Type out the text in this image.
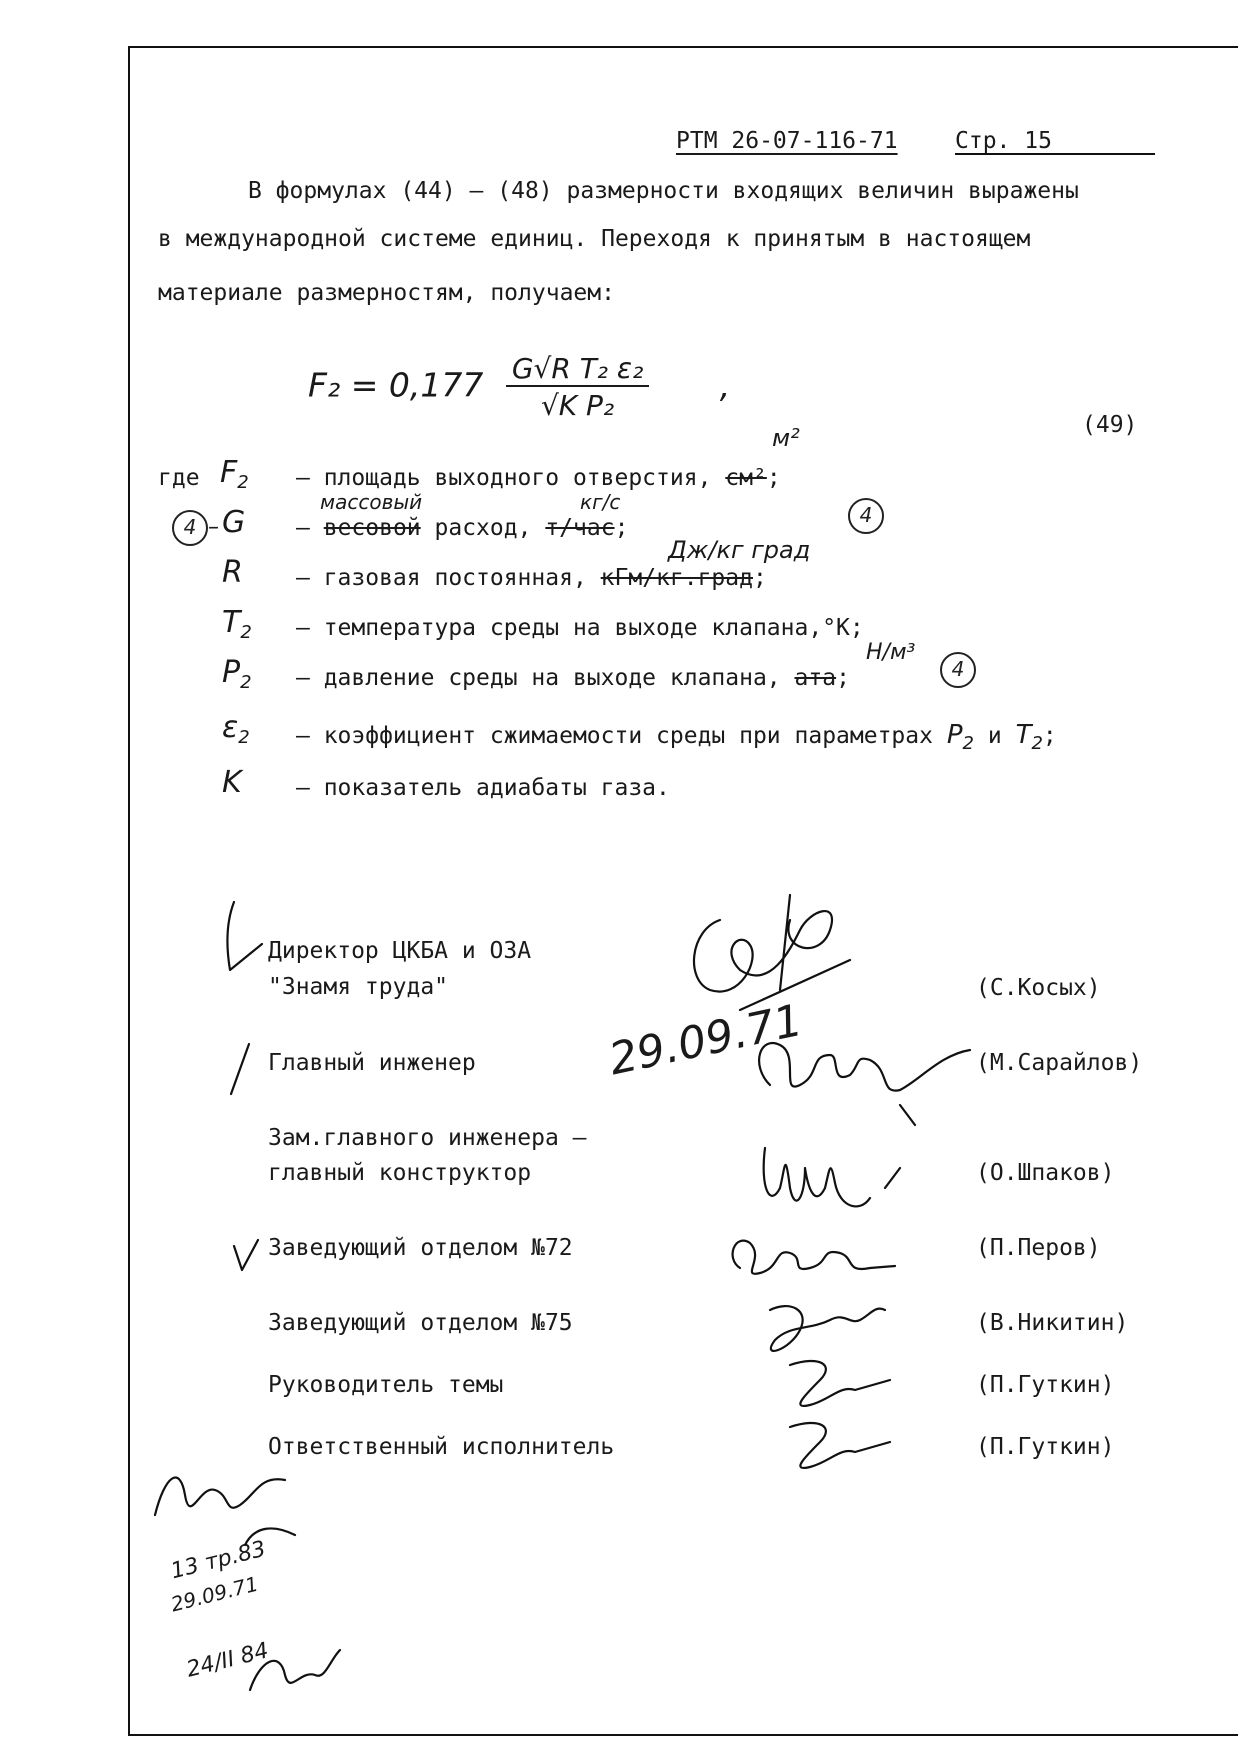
РТМ 26-07-116-71 Стр. 15
В формулах (44) – (48) размерности входящих величин выражены
в международной системе единиц. Переходя к принятым в настоящем
материале размерностям, получаем:
$F_2 = 0,177 \frac{\text{G√R T₂ ε₂}}{\text{√K P₂}}$ ,
(49)
где $F_2$ – площадь выходного отверстия, см²;
м²
4 – G – весовой расход, т/час;
массовый	кг/с
4
R – газовая постоянная, кГм/кг.град;
Дж/кг град
$T_2$ – температура среды на выходе клапана,°К;
$P_2$ – давление среды на выходе клапана, ата;
Н/м³
4
$\varepsilon_2$ – коэффициент сжимаемости среды при параметрах $P_2$ и $T_2$;
K – показатель адиабаты газа.
Директор ЦКБА и ОЗА
"Знамя труда"	(С.Косых)
Главный инженер	(М.Сарайлов)
Зам.главного инженера –
главный конструктор	(О.Шпаков)
Заведующий отделом №72	(П.Перов)
Заведующий отделом №75	(В.Никитин)
Руководитель темы	(П.Гуткин)
Ответственный исполнитель	(П.Гуткин)
29.09.71
13 тр.83
29.09.71
24/II 84
